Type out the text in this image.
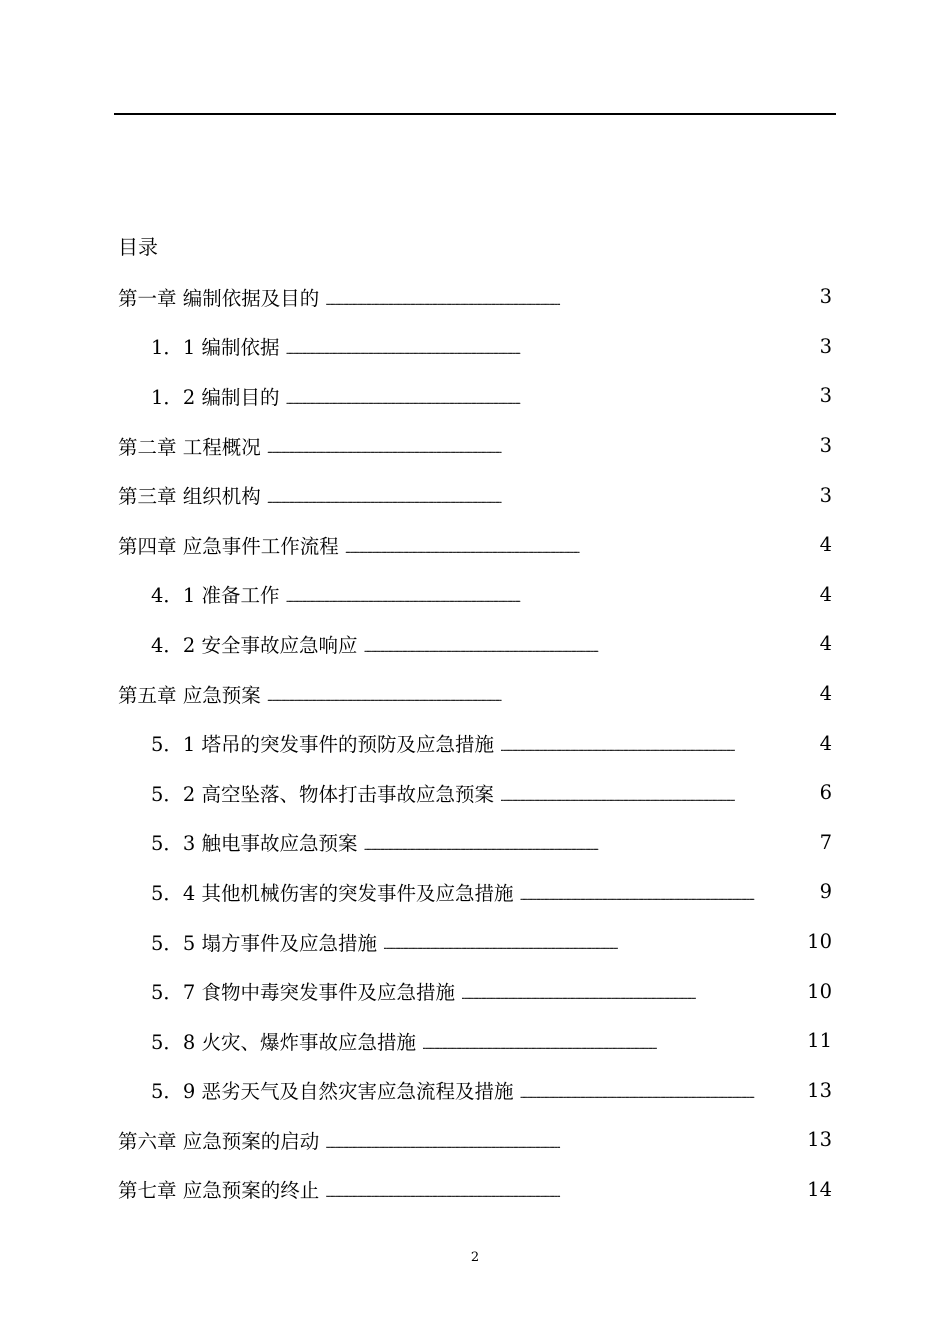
目录
第一章 编制依据及目的 . . .	3
1．1 编制依据 . . .	3
1．2 编制目的 . . .	3
第二章 工程概况 . . .	3
第三章 组织机构 . . .	3
第四章 应急事件工作流程 . . .	4
4．1 准备工作 . . .	4
4．2 安全事故应急响应 . . .	4
第五章 应急预案 . . .	4
5．1 塔吊的突发事件的预防及应急措施 . . .	4
5．2 高空坠落、物体打击事故应急预案 . . .	6
5．3 触电事故应急预案 . . .	7
5．4 其他机械伤害的突发事件及应急措施 . . .	9
5．5 塌方事件及应急措施 . . .	10
5．7 食物中毒突发事件及应急措施 . . .	10
5．8 火灾、爆炸事故应急措施 . . .	11
5．9 恶劣天气及自然灾害应急流程及措施 . . .	13
第六章 应急预案的启动 . . .	13
第七章 应急预案的终止 . . .	14
2
